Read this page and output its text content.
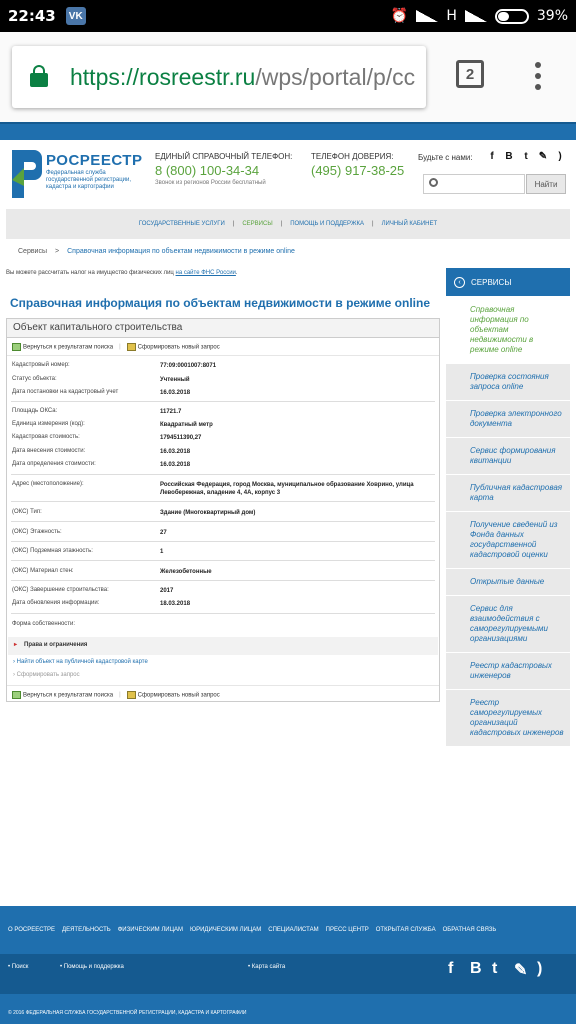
22:43	VK	⏰	H	39%
https://rosreestr.ru/wps/portal/p/cc	2
РОСРЕЕСТР
Федеральная служба государственной регистрации, кадастра и картографии
ЕДИНЫЙ СПРАВОЧНЫЙ ТЕЛЕФОН:
8 (800) 100-34-34
Звонок из регионов России бесплатный
ТЕЛЕФОН ДОВЕРИЯ:
(495) 917-38-25
Будьте с нами:	f	B	t	✎	)
Найти
ГОСУДАРСТВЕННЫЕ УСЛУГИ | СЕРВИСЫ | ПОМОЩЬ И ПОДДЕРЖКА | ЛИЧНЫЙ КАБИНЕТ
Сервисы > Справочная информация по объектам недвижимости в режиме online
Вы можете рассчитать налог на имущество физических лиц на сайте ФНС России.
Справочная информация по объектам недвижимости в режиме online
Объект капитального строительства
Вернуться к результатам поиска |	Сформировать новый запрос
Кадастровый номер:	77:09:0001007:8071
Статус объекта:	Учтенный
Дата постановки на кадастровый учет	16.03.2018
Площадь ОКСа:	11721.7
Единица измерения (код):	Квадратный метр
Кадастровая стоимость:	1794511390,27
Дата внесения стоимости:	16.03.2018
Дата определения стоимости:	16.03.2018
Адрес (местоположение):	Российская Федерация, город Москва, муниципальное образование Ховрино, улица Левобережная, владение 4, 4А, корпус 3
(ОКС) Тип:	Здание (Многоквартирный дом)
(ОКС) Этажность:	27
(ОКС) Подземная этажность:	1
(ОКС) Материал стен:	Железобетонные
(ОКС) Завершение строительства:	2017
Дата обновления информации:	18.03.2018
Форма собственности:
▸ Права и ограничения
› Найти объект на публичной кадастровой карте
› Сформировать запрос
Вернуться к результатам поиска |	Сформировать новый запрос
‹	СЕРВИСЫ
Справочная информация по объектам недвижимости в режиме online
Проверка состояния запроса online
Проверка электронного документа
Сервис формирования квитанции
Публичная кадастровая карта
Получение сведений из Фонда данных государственной кадастровой оценки
Открытые данные
Сервис для взаимодействия с саморегулируемыми организациями
Реестр кадастровых инженеров
Реестр саморегулируемых организаций кадастровых инженеров
О РОСРЕЕСТРЕ ДЕЯТЕЛЬНОСТЬ ФИЗИЧЕСКИМ ЛИЦАМ ЮРИДИЧЕСКИМ ЛИЦАМ СПЕЦИАЛИСТАМ ПРЕСС ЦЕНТР ОТКРЫТАЯ СЛУЖБА ОБРАТНАЯ СВЯЗЬ
• Поиск	• Помощь и поддержка	• Карта сайта	f B t ✎ )
© 2016 ФЕДЕРАЛЬНАЯ СЛУЖБА ГОСУДАРСТВЕННОЙ РЕГИСТРАЦИИ, КАДАСТРА И КАРТОГРАФИИ
